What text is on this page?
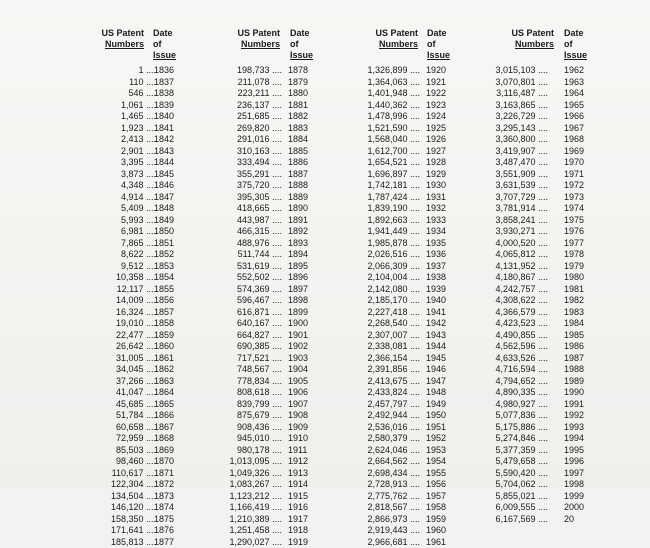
US Patent
Numbers
Date of
Issue
1 ....
1836
110 ....
1837
546 ....
1838
1,061 ....
1839
1,465 ....
1840
1,923 ....
1841
2,413 ....
1842
2,901 ....
1843
3,395 ....
1844
3,873 ....
1845
4,348 ....
1846
4,914 ....
1847
5,409 ....
1848
5,993 ....
1849
6,981 ....
1850
7,865 ....
1851
8,622 ....
1852
9,512 ....
1853
10,358 ....
1854
12,117 ....
1855
14,009 ....
1856
16,324 ....
1857
19,010 ....
1858
22,477 ....
1859
26,642 ....
1860
31,005 ....
1861
34,045 ....
1862
37,266 ....
1863
41,047 ....
1864
45,685 ....
1865
51,784 ....
1866
60,658 ....
1867
72,959 ....
1868
85,503 ....
1869
98,460 ....
1870
110,617 ....
1871
122,304 ....
1872
134,504 ....
1873
146,120 ....
1874
158,350 ....
1875
171,641 ....
1876
185,813 ....
1877
US Patent
Numbers
Date of
Issue
198,733 .... 1878
211,078 .... 1879
223,211 .... 1880
236,137 .... 1881
251,685 .... 1882
269,820 .... 1883
291,016 .... 1884
310,163 .... 1885
333,494 .... 1886
355,291 .... 1887
375,720 .... 1888
395,305 .... 1889
418,665 .... 1890
443,987 .... 1891
466,315 .... 1892
488,976 .... 1893
511,744 .... 1894
531,619 .... 1895
552,502 .... 1896
574,369 .... 1897
596,467 .... 1898
616,871 .... 1899
640,167 .... 1900
664,827 .... 1901
690,385 .... 1902
717,521 .... 1903
748,567 .... 1904
778,834 .... 1905
808,618 .... 1906
839,799 .... 1907
875,679 .... 1908
908,436 .... 1909
945,010 .... 1910
980,178 .... 1911
1,013,095 .... 1912
1,049,326 .... 1913
1,083,267 .... 1914
1,123,212 .... 1915
1,166,419 .... 1916
1,210,389 .... 1917
1,251,458 .... 1918
1,290,027 .... 1919
US Patent
Numbers
Date of
Issue
1,326,899 .... 1920
1,364,063 .... 1921
1,401,948 .... 1922
1,440,362 .... 1923
1,478,996 .... 1924
1,521,590 .... 1925
1,568,040 .... 1926
1,612,700 .... 1927
1,654,521 .... 1928
1,696,897 .... 1929
1,742,181 .... 1930
1,787,424 .... 1931
1,839,190 .... 1932
1,892,663 .... 1933
1,941,449 .... 1934
1,985,878 .... 1935
2,026,516 .... 1936
2,066,309 .... 1937
2,104,004 .... 1938
2,142,080 .... 1939
2,185,170 .... 1940
2,227,418 .... 1941
2,268,540 .... 1942
2,307,007 .... 1943
2,338,081 .... 1944
2,366,154 .... 1945
2,391,856 .... 1946
2,413,675 .... 1947
2,433,824 .... 1948
2,457,797 .... 1949
2,492,944 .... 1950
2,536,016 .... 1951
2,580,379 .... 1952
2,624,046 .... 1953
2,664,562 .... 1954
2,698,434 .... 1955
2,728,913 .... 1956
2,775,762 .... 1957
2,818,567 .... 1958
2,866,973 .... 1959
2,919,443 .... 1960
2,966,681 .... 1961
US Patent
Numbers
Date of
Issue
3,015,103 .... 1962
3,070,801 .... 1963
3,116,487 .... 1964
3,163,865 .... 1965
3,226,729 .... 1966
3,295,143 .... 1967
3,360,800 .... 1968
3,419,907 .... 1969
3,487,470 .... 1970
3,551,909 .... 1971
3,631,539 .... 1972
3,707,729 .... 1973
3,781,914 .... 1974
3,858,241 .... 1975
3,930,271 .... 1976
4,000,520 .... 1977
4,065,812 .... 1978
4,131,952 .... 1979
4,180,867 .... 1980
4,242,757 .... 1981
4,308,622 .... 1982
4,366,579 .... 1983
4,423,523 .... 1984
4,490,855 .... 1985
4,562,596 .... 1986
4,633,526 .... 1987
4,716,594 .... 1988
4,794,652 .... 1989
4,890,335 .... 1990
4,980,927 .... 1991
5,077,836 .... 1992
5,175,886 .... 1993
5,274,846 .... 1994
5,377,359 .... 1995
5,479,658 .... 1996
5,590,420 .... 1997
5,704,062 .... 1998
5,855,021 .... 1999
6,009,555 .... 2000
6,167,569 .... 20
